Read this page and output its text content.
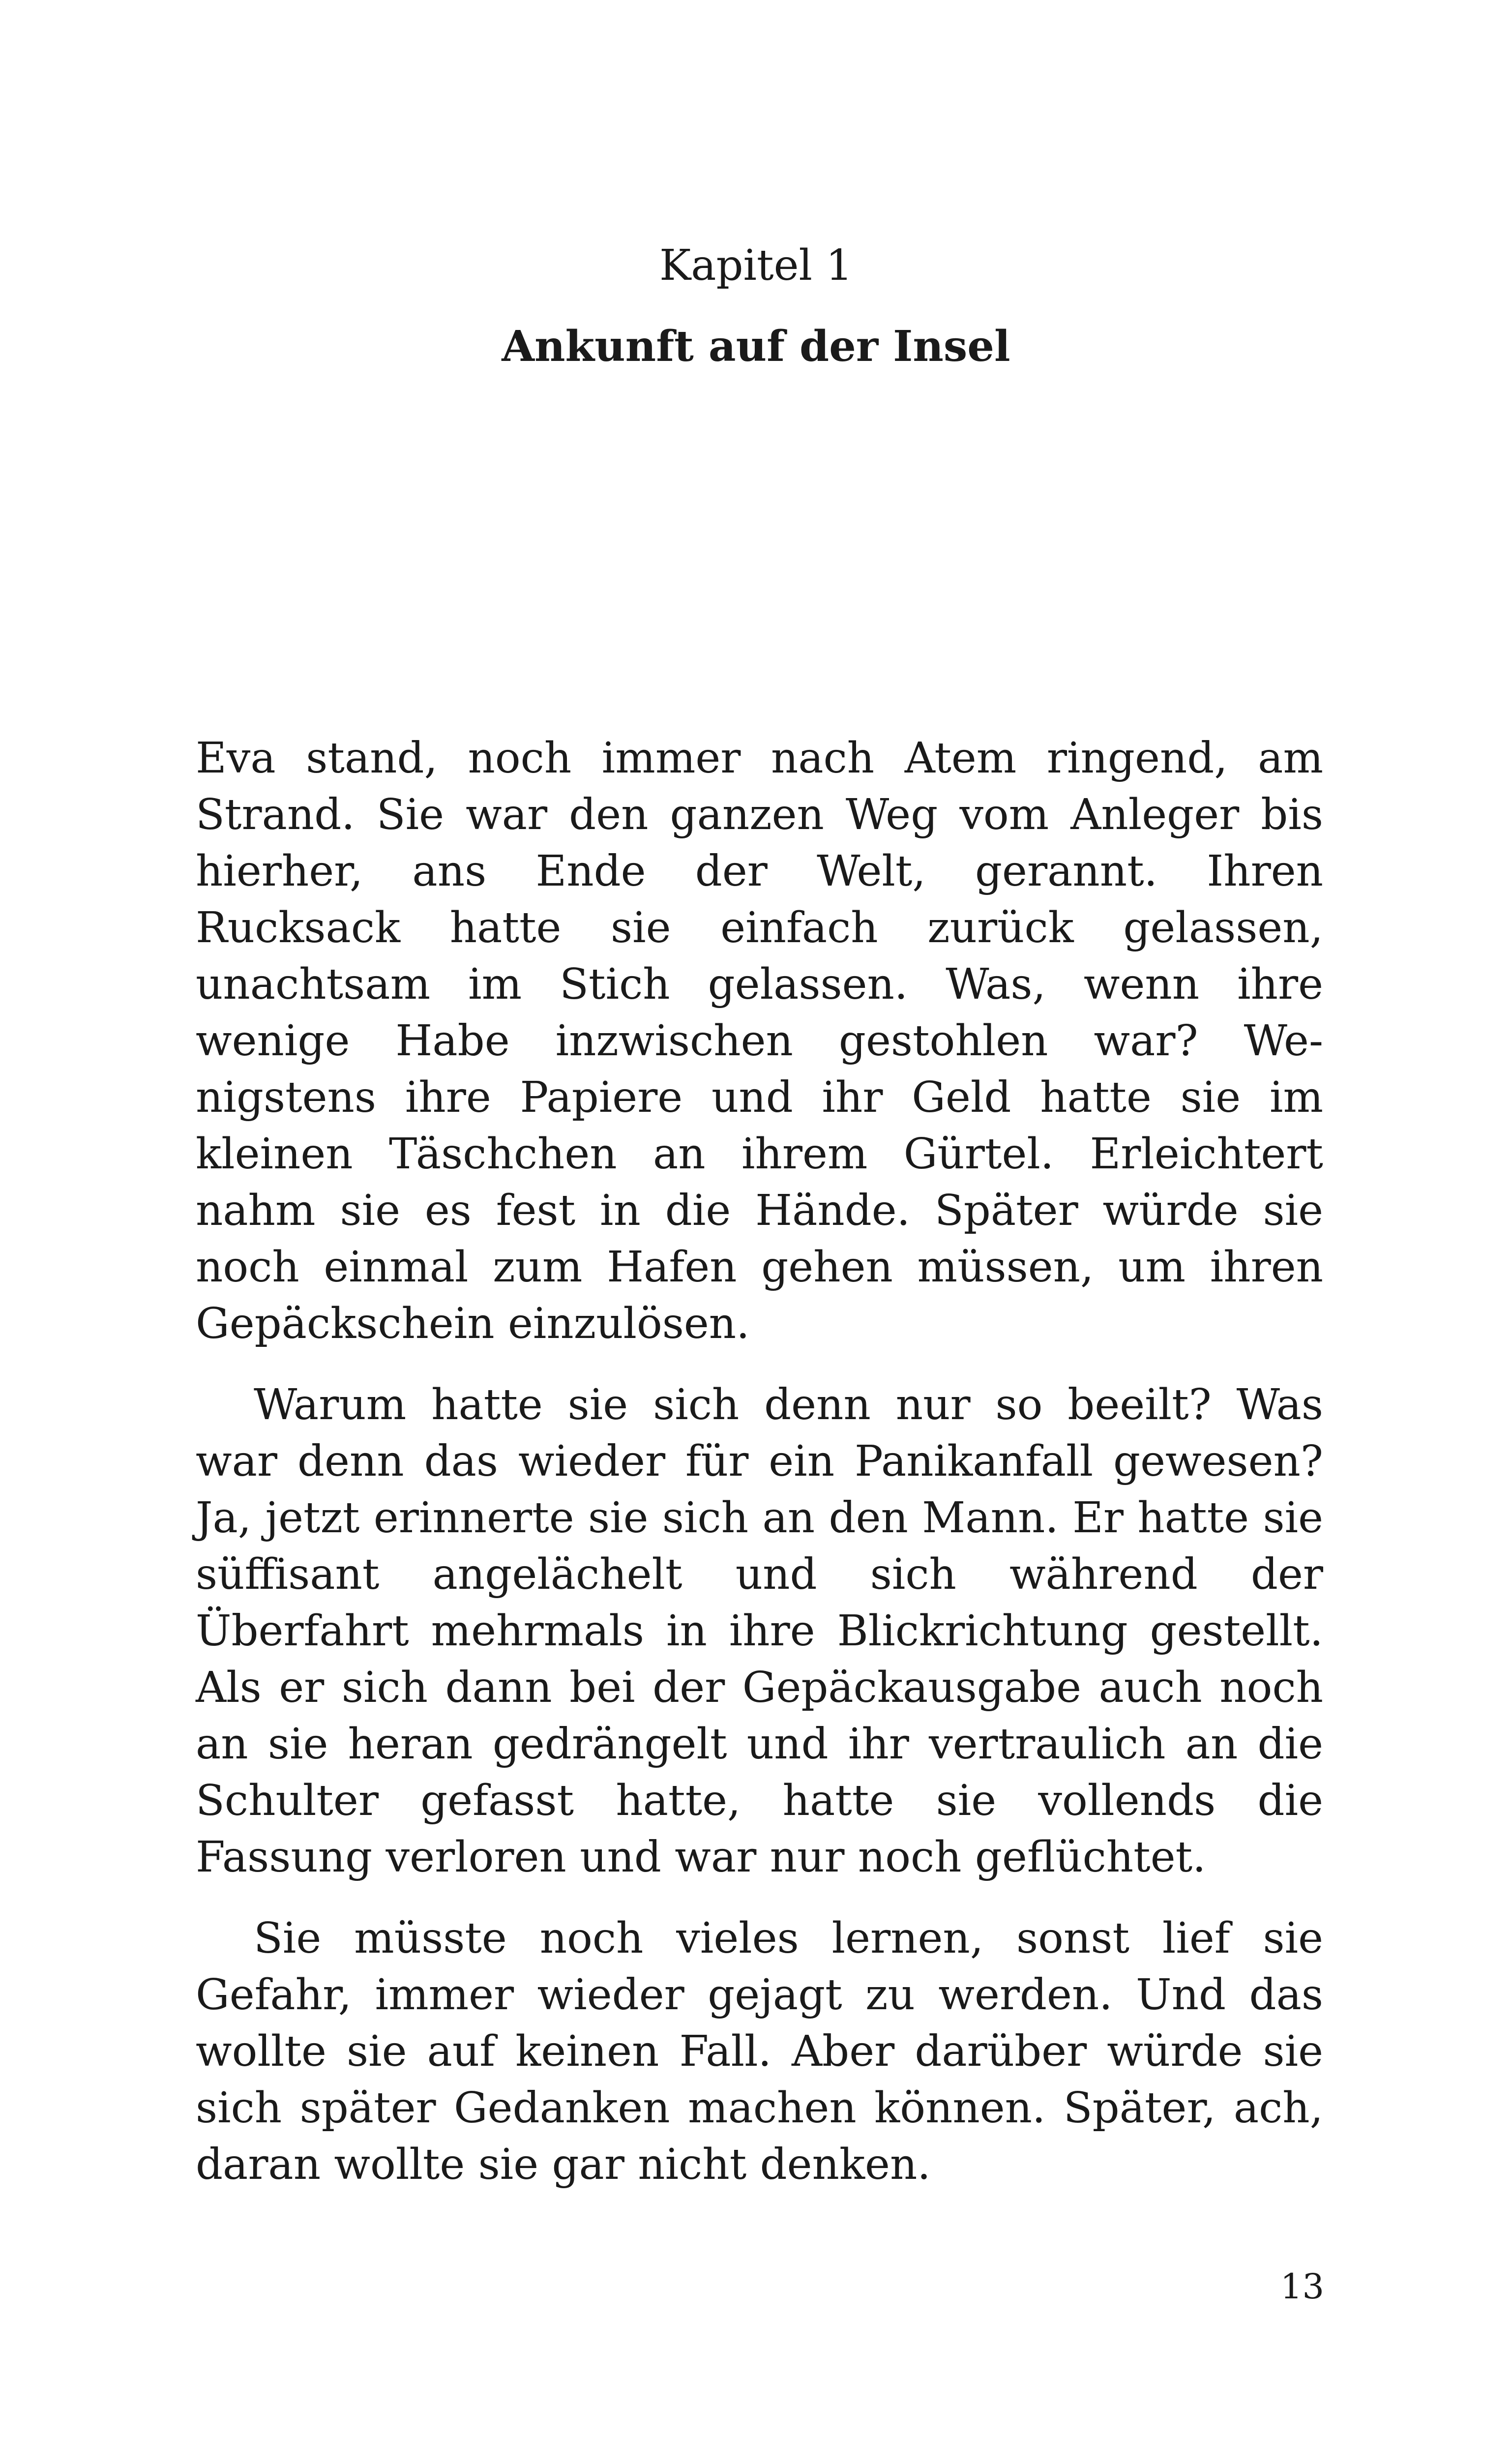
Kapitel 1
Ankunft auf der Insel

Eva stand, noch immer nach Atem ringend, am Strand. Sie war den ganzen Weg vom Anleger bis hierher, ans Ende der Welt, gerannt. Ihren Rucksack hatte sie einfach zurück gelassen, unachtsam im Stich gelassen. Was, wenn ihre wenige Habe inzwischen gestohlen war? Wenigstens ihre Papiere und ihr Geld hatte sie im kleinen Täschchen an ihrem Gürtel. Erleichtert nahm sie es fest in die Hände. Später würde sie noch einmal zum Hafen gehen müssen, um ihren Gepäckschein einzulösen.

Warum hatte sie sich denn nur so beeilt? Was war denn das wieder für ein Panikanfall gewesen? Ja, jetzt erinnerte sie sich an den Mann. Er hatte sie süffisant angelächelt und sich während der Überfahrt mehrmals in ihre Blickrichtung gestellt. Als er sich dann bei der Gepäckausgabe auch noch an sie heran gedrängelt und ihr vertraulich an die Schulter gefasst hatte, hatte sie vollends die Fassung verloren und war nur noch geflüchtet.

Sie müsste noch vieles lernen, sonst lief sie Gefahr, immer wieder gejagt zu werden. Und das wollte sie auf keinen Fall. Aber darüber würde sie sich später Gedanken machen können. Später, ach, daran wollte sie gar nicht denken.

13
